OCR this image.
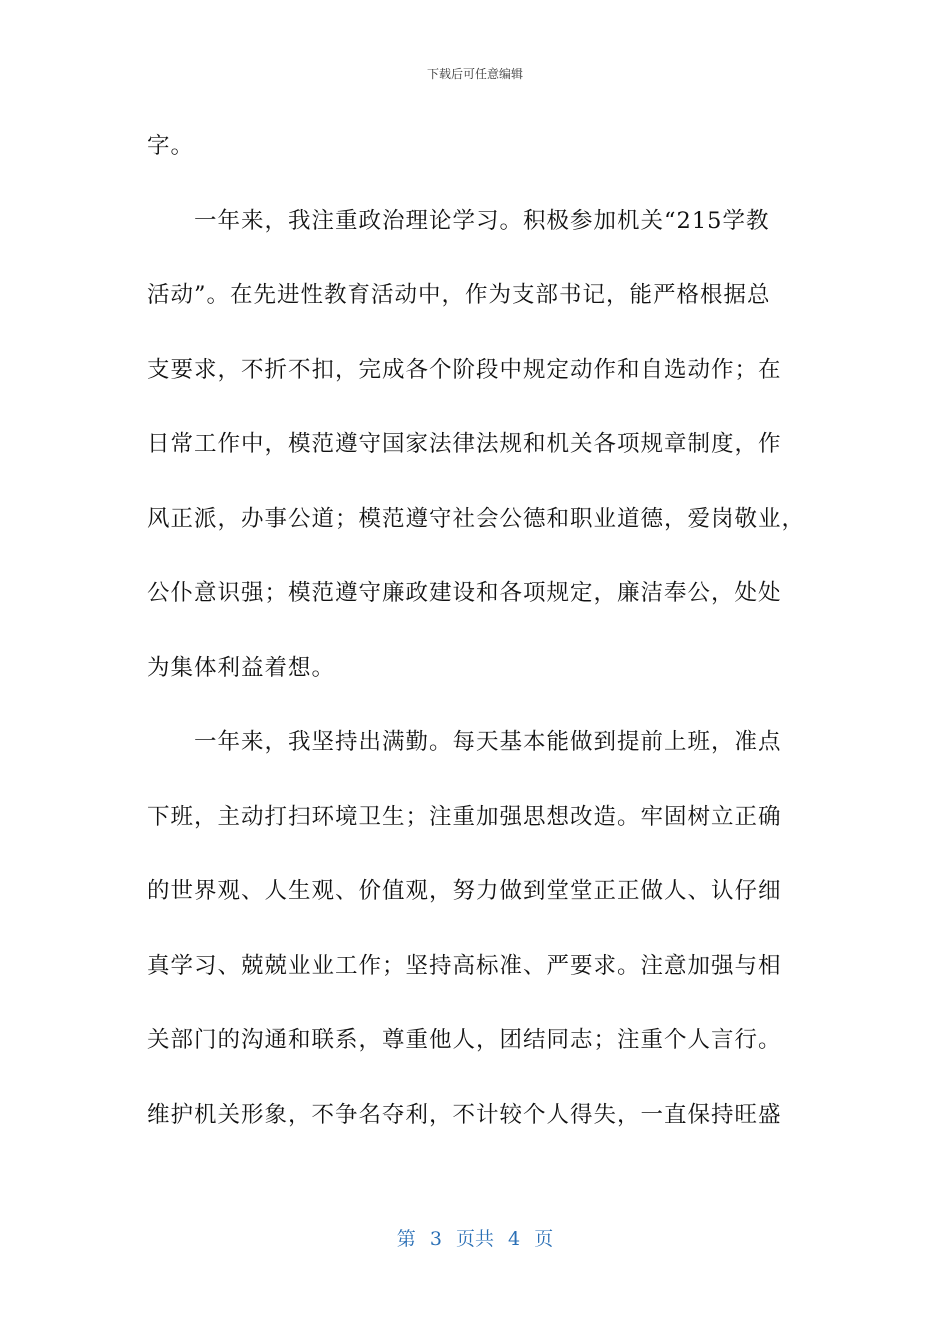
下载后可任意编辑
字。
一年来，我注重政治理论学习。积极参加机关“215学教
活动”。在先进性教育活动中，作为支部书记，能严格根据总
支要求，不折不扣，完成各个阶段中规定动作和自选动作；在
日常工作中，模范遵守国家法律法规和机关各项规章制度，作
风正派，办事公道；模范遵守社会公德和职业道德，爱岗敬业，
公仆意识强；模范遵守廉政建设和各项规定，廉洁奉公，处处
为集体利益着想。
一年来，我坚持出满勤。每天基本能做到提前上班，准点
下班，主动打扫环境卫生；注重加强思想改造。牢固树立正确
的世界观、人生观、价值观，努力做到堂堂正正做人、认仔细
真学习、兢兢业业工作；坚持高标准、严要求。注意加强与相
关部门的沟通和联系，尊重他人，团结同志；注重个人言行。
维护机关形象，不争名夺利，不计较个人得失，一直保持旺盛
第 3 页共 4 页
